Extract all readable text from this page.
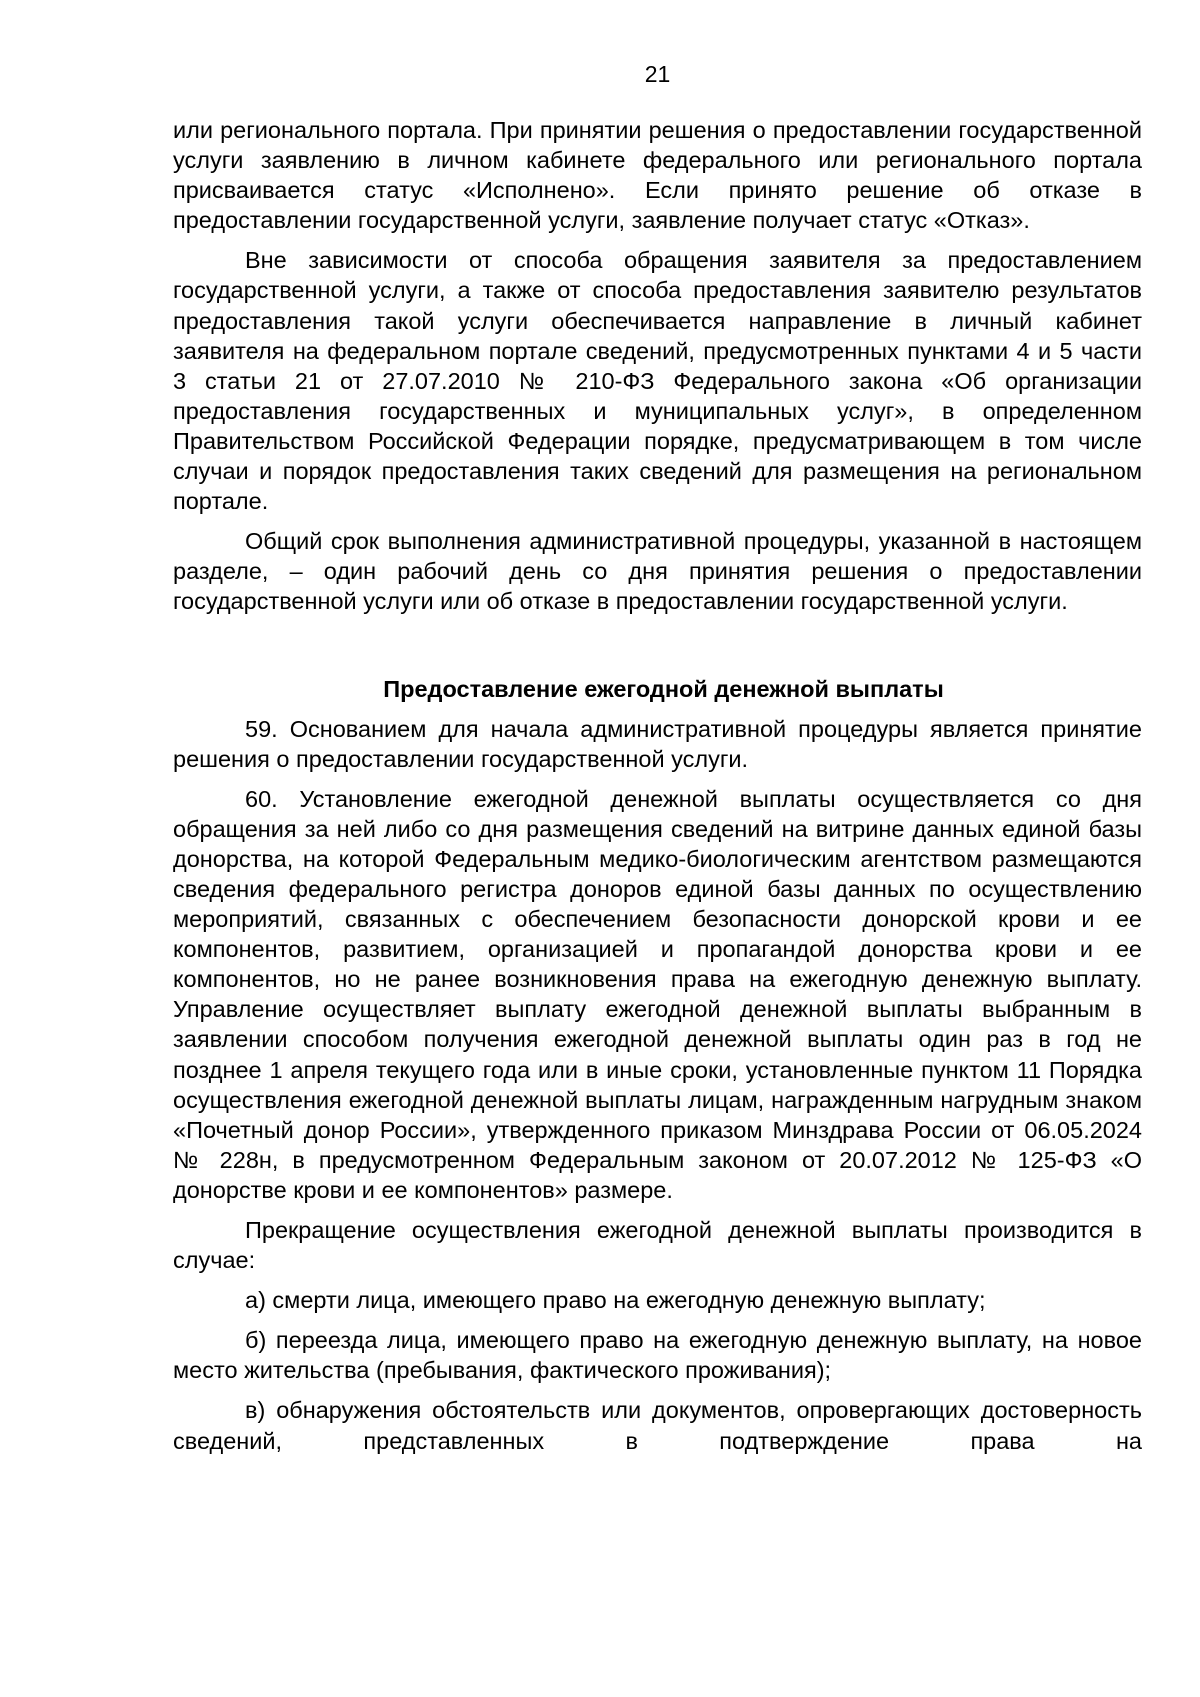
21

или регионального портала. При принятии решения о предоставлении государственной услуги заявлению в личном кабинете федерального или регионального портала присваивается статус «Исполнено». Если принято решение об отказе в предоставлении государственной услуги, заявление получает статус «Отказ».

Вне зависимости от способа обращения заявителя за предоставлением государственной услуги, а также от способа предоставления заявителю результатов предоставления такой услуги обеспечивается направление в личный кабинет заявителя на федеральном портале сведений, предусмотренных пунктами 4 и 5 части 3 статьи 21 от 27.07.2010 № 210-ФЗ Федерального закона «Об организации предоставления государственных и муниципальных услуг», в определенном Правительством Российской Федерации порядке, предусматривающем в том числе случаи и порядок предоставления таких сведений для размещения на региональном портале.

Общий срок выполнения административной процедуры, указанной в настоящем разделе, – один рабочий день со дня принятия решения о предоставлении государственной услуги или об отказе в предоставлении государственной услуги.

Предоставление ежегодной денежной выплаты

59. Основанием для начала административной процедуры является принятие решения о предоставлении государственной услуги.

60. Установление ежегодной денежной выплаты осуществляется со дня обращения за ней либо со дня размещения сведений на витрине данных единой базы донорства, на которой Федеральным медико-биологическим агентством размещаются сведения федерального регистра доноров единой базы данных по осуществлению мероприятий, связанных с обеспечением безопасности донорской крови и ее компонентов, развитием, организацией и пропагандой донорства крови и ее компонентов, но не ранее возникновения права на ежегодную денежную выплату. Управление осуществляет выплату ежегодной денежной выплаты выбранным в заявлении способом получения ежегодной денежной выплаты один раз в год не позднее 1 апреля текущего года или в иные сроки, установленные пунктом 11 Порядка осуществления ежегодной денежной выплаты лицам, награжденным нагрудным знаком «Почетный донор России», утвержденного приказом Минздрава России от 06.05.2024 № 228н, в предусмотренном Федеральным законом от 20.07.2012 № 125-ФЗ «О донорстве крови и ее компонентов» размере.

Прекращение осуществления ежегодной денежной выплаты производится в случае:

а) смерти лица, имеющего право на ежегодную денежную выплату;

б) переезда лица, имеющего право на ежегодную денежную выплату, на новое место жительства (пребывания, фактического проживания);

в) обнаружения обстоятельств или документов, опровергающих достоверность сведений, представленных в подтверждение права на
